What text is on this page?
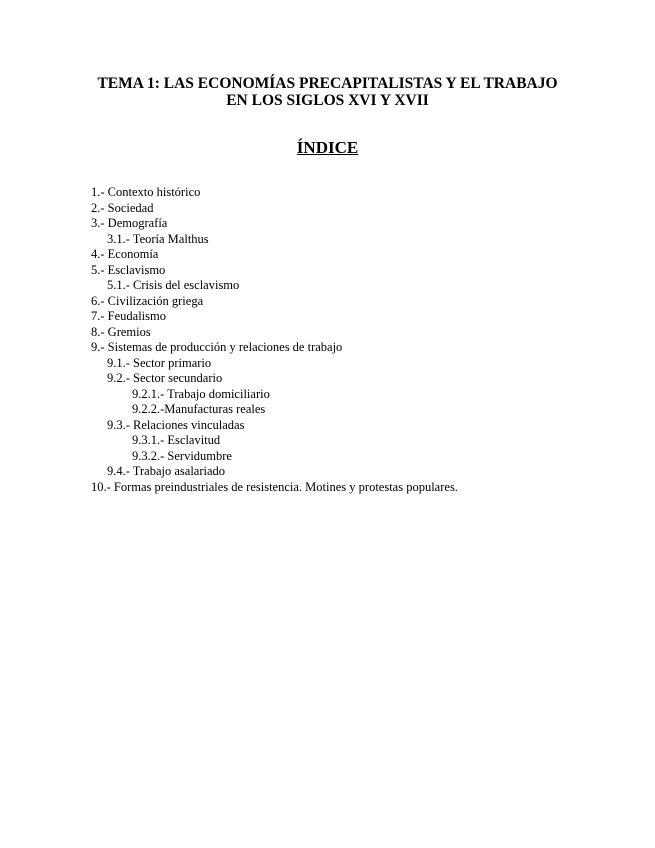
TEMA 1: LAS ECONOMÍAS PRECAPITALISTAS Y EL TRABAJO
EN LOS SIGLOS XVI Y XVII
ÍNDICE
1.- Contexto histórico
2.- Sociedad
3.- Demografía
3.1.- Teoría Malthus
4.- Economía
5.- Esclavismo
5.1.- Crisis del esclavismo
6.- Civilización griega
7.- Feudalismo
8.- Gremios
9.- Sistemas de producción y relaciones de trabajo
9.1.- Sector primario
9.2.- Sector secundario
9.2.1.- Trabajo domiciliario
9.2.2.-Manufacturas reales
9.3.- Relaciones vinculadas
9.3.1.- Esclavitud
9.3.2.- Servidumbre
9.4.- Trabajo asalariado
10.- Formas preindustriales de resistencia. Motines y protestas populares.
